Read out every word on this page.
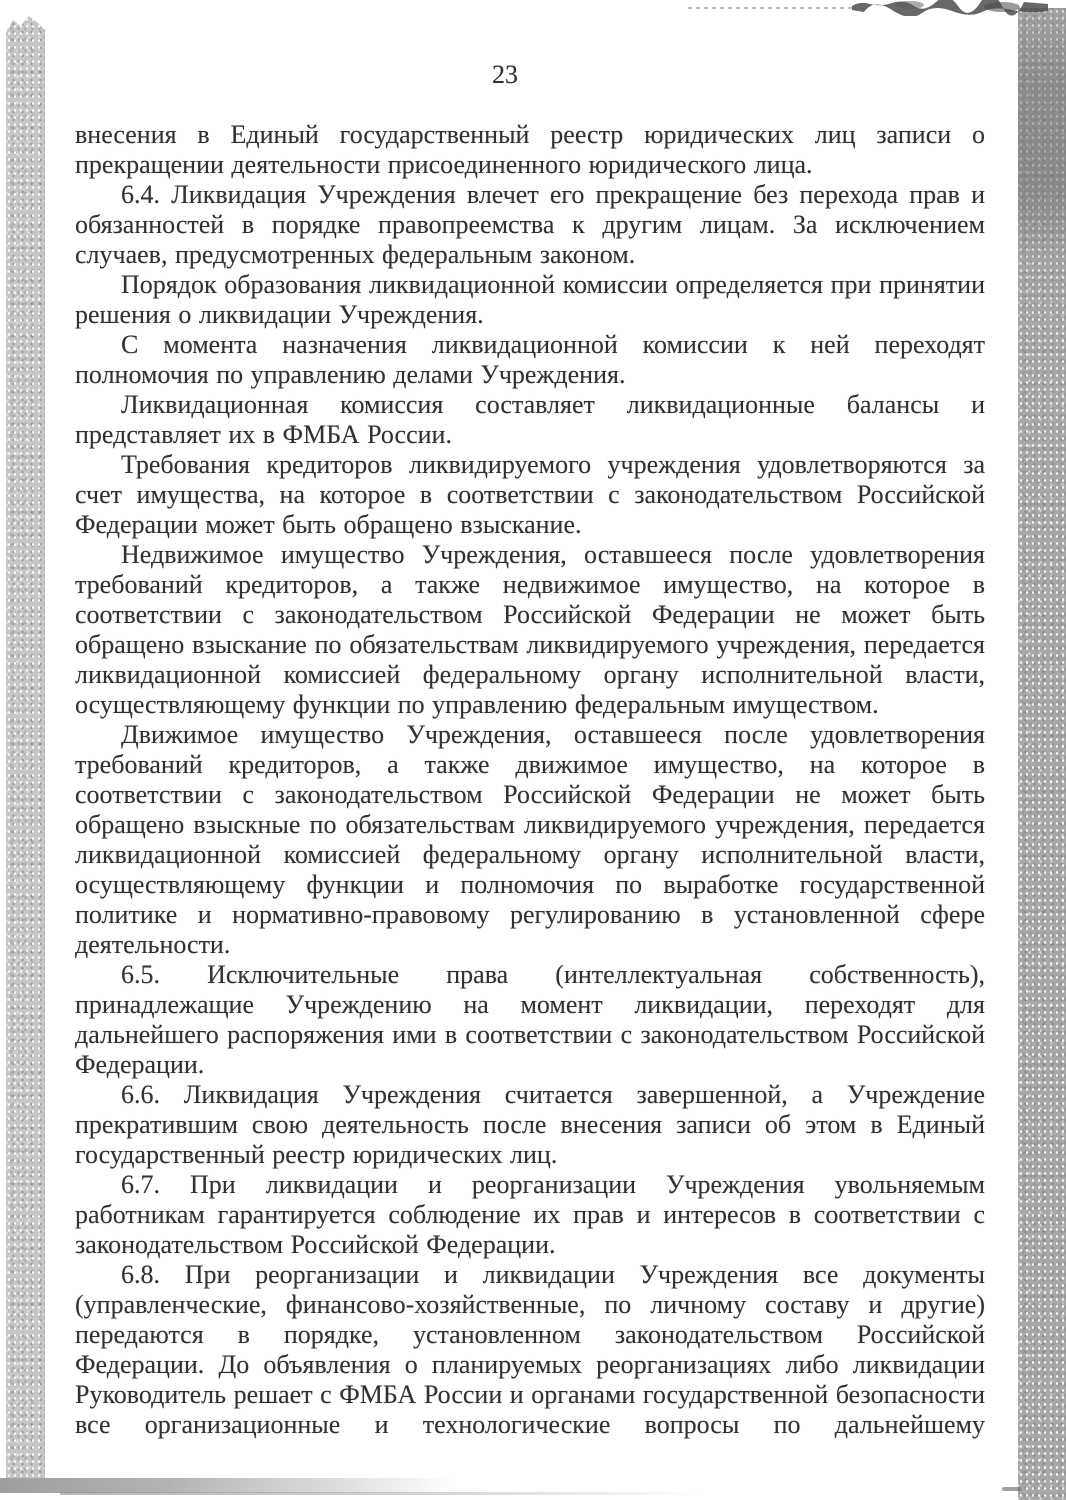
23

внесения в Единый государственный реестр юридических лиц записи о прекращении деятельности присоединенного юридического лица.

6.4. Ликвидация Учреждения влечет его прекращение без перехода прав и обязанностей в порядке правопреемства к другим лицам. За исключением случаев, предусмотренных федеральным законом.

Порядок образования ликвидационной комиссии определяется при принятии решения о ликвидации Учреждения.

С момента назначения ликвидационной комиссии к ней переходят полномочия по управлению делами Учреждения.

Ликвидационная комиссия составляет ликвидационные балансы и представляет их в ФМБА России.

Требования кредиторов ликвидируемого учреждения удовлетворяются за счет имущества, на которое в соответствии с законодательством Российской Федерации может быть обращено взыскание.

Недвижимое имущество Учреждения, оставшееся после удовлетворения требований кредиторов, а также недвижимое имущество, на которое в соответствии с законодательством Российской Федерации не может быть обращено взыскание по обязательствам ликвидируемого учреждения, передается ликвидационной комиссией федеральному органу исполнительной власти, осуществляющему функции по управлению федеральным имуществом.

Движимое имущество Учреждения, оставшееся после удовлетворения требований кредиторов, а также движимое имущество, на которое в соответствии с законодательством Российской Федерации не может быть обращено взыскные по обязательствам ликвидируемого учреждения, передается ликвидационной комиссией федеральному органу исполнительной власти, осуществляющему функции и полномочия по выработке государственной политике и нормативно-правовому регулированию в установленной сфере деятельности.

6.5. Исключительные права (интеллектуальная собственность), принадлежащие Учреждению на момент ликвидации, переходят для дальнейшего распоряжения ими в соответствии с законодательством Российской Федерации.

6.6. Ликвидация Учреждения считается завершенной, а Учреждение прекратившим свою деятельность после внесения записи об этом в Единый государственный реестр юридических лиц.

6.7. При ликвидации и реорганизации Учреждения увольняемым работникам гарантируется соблюдение их прав и интересов в соответствии с законодательством Российской Федерации.

6.8. При реорганизации и ликвидации Учреждения все документы (управленческие, финансово-хозяйственные, по личному составу и другие) передаются в порядке, установленном законодательством Российской Федерации. До объявления о планируемых реорганизациях либо ликвидации Руководитель решает с ФМБА России и органами государственной безопасности все организационные и технологические вопросы по дальнейшему
